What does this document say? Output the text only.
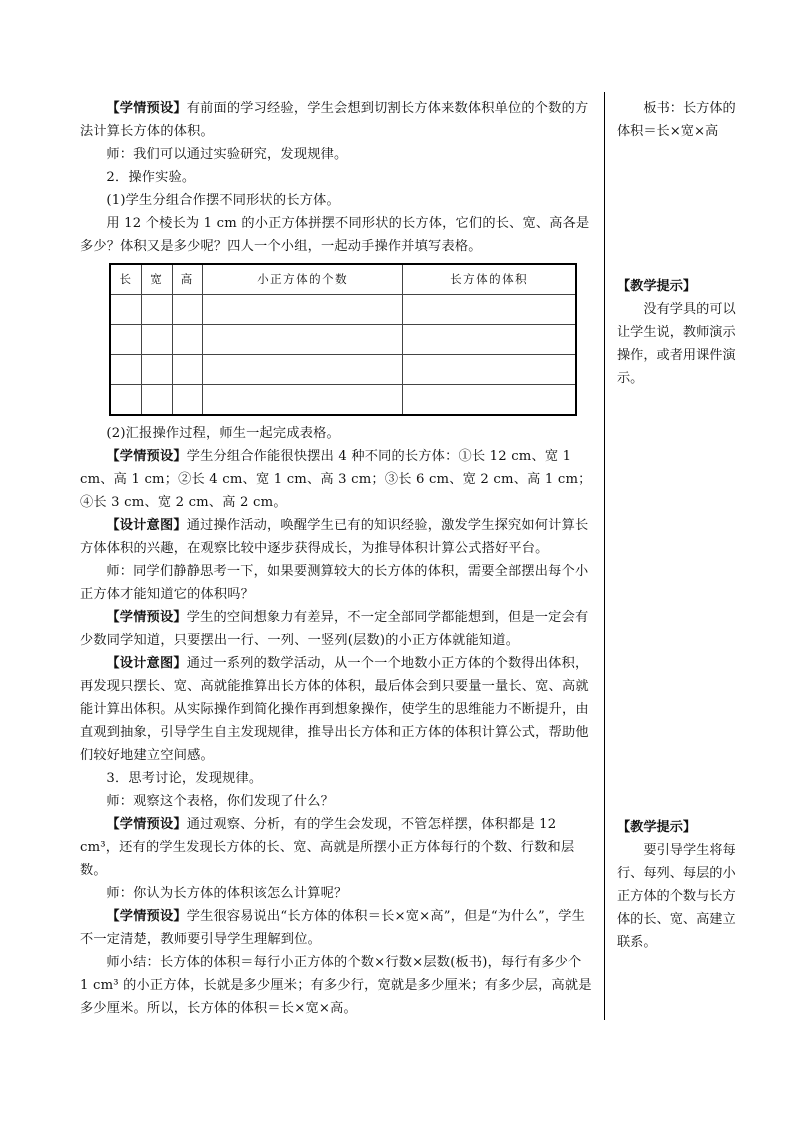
【学情预设】有前面的学习经验，学生会想到切割长方体来数体积单位的个数的方法计算长方体的体积。

师：我们可以通过实验研究，发现规律。

2．操作实验。

(1)学生分组合作摆不同形状的长方体。

用 12 个棱长为 1 cm 的小正方体拼摆不同形状的长方体，它们的长、宽、高各是多少？体积又是多少呢？四人一个小组，一起动手操作并填写表格。

长	宽	高	小正方体的个数	长方体的体积

(2)汇报操作过程，师生一起完成表格。

【学情预设】学生分组合作能很快摆出 4 种不同的长方体：①长 12 cm、宽 1 cm、高 1 cm；②长 4 cm、宽 1 cm、高 3 cm；③长 6 cm、宽 2 cm、高 1 cm；④长 3 cm、宽 2 cm、高 2 cm。

【设计意图】通过操作活动，唤醒学生已有的知识经验，激发学生探究如何计算长方体体积的兴趣，在观察比较中逐步获得成长，为推导体积计算公式搭好平台。

师：同学们静静思考一下，如果要测算较大的长方体的体积，需要全部摆出每个小正方体才能知道它的体积吗？

【学情预设】学生的空间想象力有差异，不一定全部同学都能想到，但是一定会有少数同学知道，只要摆出一行、一列、一竖列(层数)的小正方体就能知道。

【设计意图】通过一系列的数学活动，从一个一个地数小正方体的个数得出体积，再发现只摆长、宽、高就能推算出长方体的体积，最后体会到只要量一量长、宽、高就能计算出体积。从实际操作到简化操作再到想象操作，使学生的思维能力不断提升，由直观到抽象，引导学生自主发现规律，推导出长方体和正方体的体积计算公式，帮助他们较好地建立空间感。

3．思考讨论，发现规律。

师：观察这个表格，你们发现了什么？

【学情预设】通过观察、分析，有的学生会发现，不管怎样摆，体积都是 12 cm³，还有的学生发现长方体的长、宽、高就是所摆小正方体每行的个数、行数和层数。

师：你认为长方体的体积该怎么计算呢？

【学情预设】学生很容易说出“长方体的体积＝长×宽×高”，但是“为什么”，学生不一定清楚，教师要引导学生理解到位。

师小结：长方体的体积＝每行小正方体的个数×行数×层数(板书)，每行有多少个 1 cm³ 的小正方体，长就是多少厘米；有多少行，宽就是多少厘米；有多少层，高就是多少厘米。所以，长方体的体积＝长×宽×高。

板书：长方体的体积＝长×宽×高

【教学提示】

没有学具的可以让学生说，教师演示操作，或者用课件演示。

【教学提示】

要引导学生将每行、每列、每层的小正方体的个数与长方体的长、宽、高建立联系。
